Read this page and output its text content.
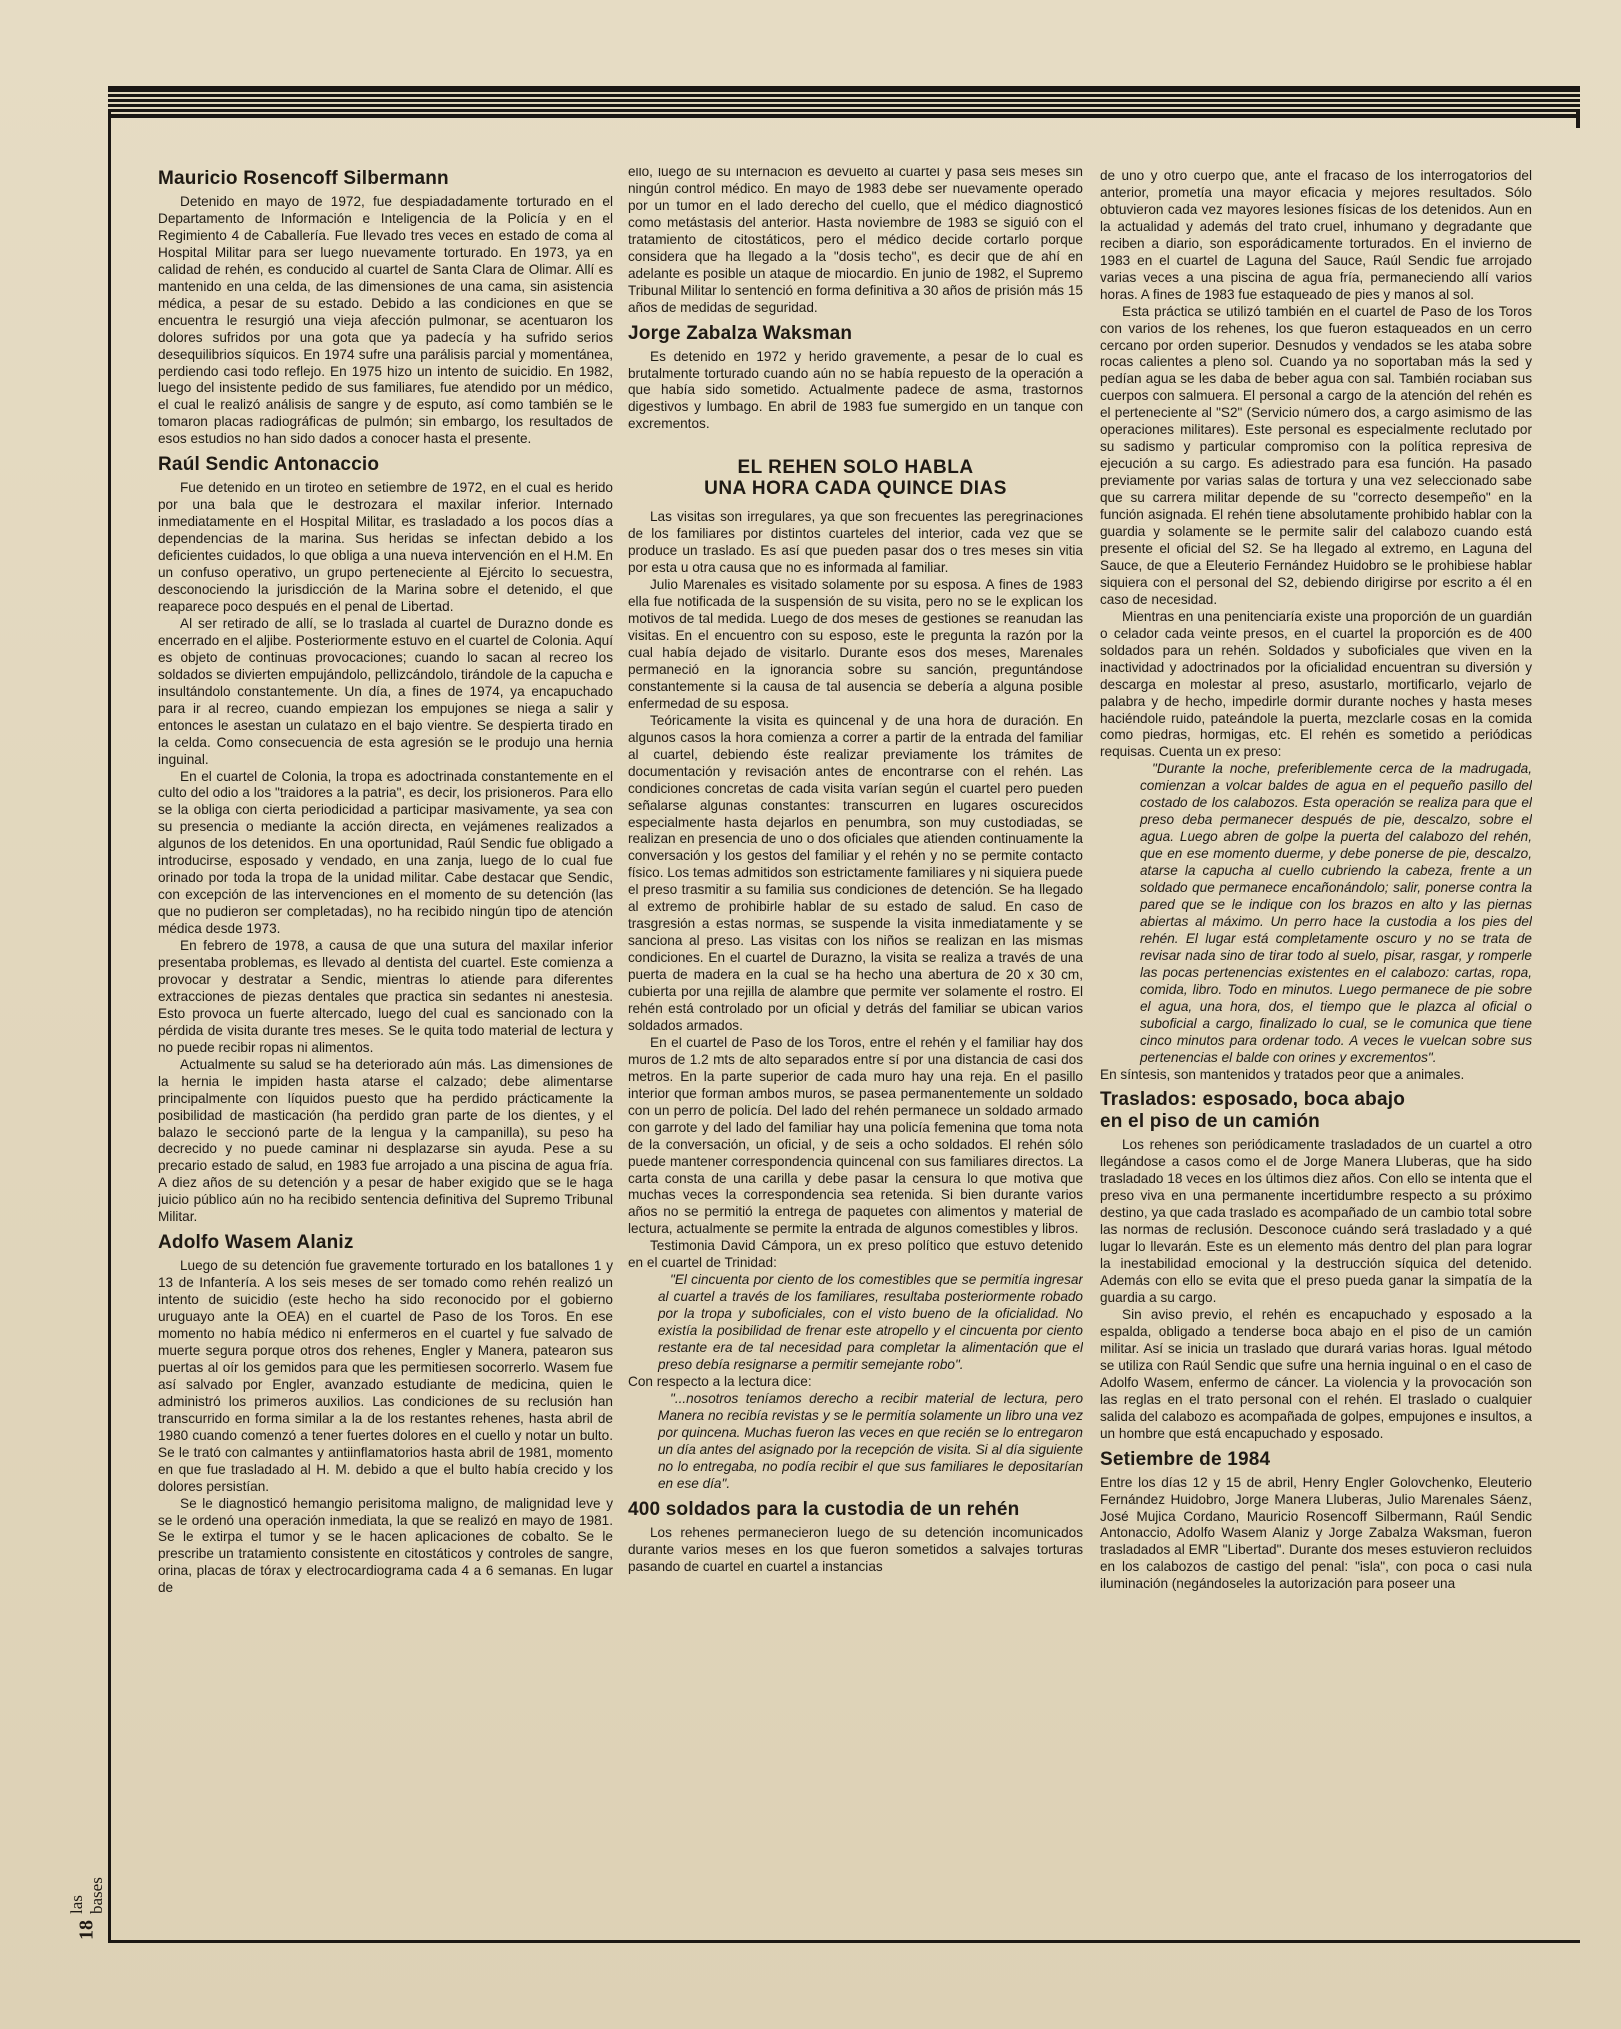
18
las bases
Mauricio Rosencoff Silbermann

Detenido en mayo de 1972, fue despiadadamente torturado en el Departamento de Información e Inteligencia de la Policía y en el Regimiento 4 de Caballería. Fue llevado tres veces en estado de coma al Hospital Militar para ser luego nuevamente torturado. En 1973, ya en calidad de rehén, es conducido al cuartel de Santa Clara de Olimar. Allí es mantenido en una celda, de las dimensiones de una cama, sin asistencia médica, a pesar de su estado. Debido a las condiciones en que se encuentra le resurgió una vieja afección pulmonar, se acentuaron los dolores sufridos por una gota que ya padecía y ha sufrido serios desequilibrios síquicos. En 1974 sufre una parálisis parcial y momentánea, perdiendo casi todo reflejo. En 1975 hizo un intento de suicidio. En 1982, luego del insistente pedido de sus familiares, fue atendido por un médico, el cual le realizó análisis de sangre y de esputo, así como también se le tomaron placas radiográficas de pulmón; sin embargo, los resultados de esos estudios no han sido dados a conocer hasta el presente.

Raúl Sendic Antonaccio

Fue detenido en un tiroteo en setiembre de 1972, en el cual es herido por una bala que le destrozara el maxilar inferior. Internado inmediatamente en el Hospital Militar, es trasladado a los pocos días a dependencias de la marina. Sus heridas se infectan debido a los deficientes cuidados, lo que obliga a una nueva intervención en el H.M. En un confuso operativo, un grupo perteneciente al Ejército lo secuestra, desconociendo la jurisdicción de la Marina sobre el detenido, el que reaparece poco después en el penal de Libertad.

Al ser retirado de allí, se lo traslada al cuartel de Durazno donde es encerrado en el aljibe. Posteriormente estuvo en el cuartel de Colonia. Aquí es objeto de continuas provocaciones; cuando lo sacan al recreo los soldados se divierten empujándolo, pellizcándolo, tirándole de la capucha e insultándolo constantemente. Un día, a fines de 1974, ya encapuchado para ir al recreo, cuando empiezan los empujones se niega a salir y entonces le asestan un culatazo en el bajo vientre. Se despierta tirado en la celda. Como consecuencia de esta agresión se le produjo una hernia inguinal.

En el cuartel de Colonia, la tropa es adoctrinada constantemente en el culto del odio a los "traidores a la patria", es decir, los prisioneros. Para ello se la obliga con cierta periodicidad a participar masivamente, ya sea con su presencia o mediante la acción directa, en vejámenes realizados a algunos de los detenidos. En una oportunidad, Raúl Sendic fue obligado a introducirse, esposado y vendado, en una zanja, luego de lo cual fue orinado por toda la tropa de la unidad militar. Cabe destacar que Sendic, con excepción de las intervenciones en el momento de su detención (las que no pudieron ser completadas), no ha recibido ningún tipo de atención médica desde 1973.

En febrero de 1978, a causa de que una sutura del maxilar inferior presentaba problemas, es llevado al dentista del cuartel. Este comienza a provocar y destratar a Sendic, mientras lo atiende para diferentes extracciones de piezas dentales que practica sin sedantes ni anestesia. Esto provoca un fuerte altercado, luego del cual es sancionado con la pérdida de visita durante tres meses. Se le quita todo material de lectura y no puede recibir ropas ni alimentos.

Actualmente su salud se ha deteriorado aún más. Las dimensiones de la hernia le impiden hasta atarse el calzado; debe alimentarse principalmente con líquidos puesto que ha perdido prácticamente la posibilidad de masticación (ha perdido gran parte de los dientes, y el balazo le seccionó parte de la lengua y la campanilla), su peso ha decrecido y no puede caminar ni desplazarse sin ayuda. Pese a su precario estado de salud, en 1983 fue arrojado a una piscina de agua fría. A diez años de su detención y a pesar de haber exigido que se le haga juicio público aún no ha recibido sentencia definitiva del Supremo Tribunal Militar.

Adolfo Wasem Alaniz

Luego de su detención fue gravemente torturado en los batallones 1 y 13 de Infantería. A los seis meses de ser tomado como rehén realizó un intento de suicidio (este hecho ha sido reconocido por el gobierno uruguayo ante la OEA) en el cuartel de Paso de los Toros. En ese momento no había médico ni enfermeros en el cuartel y fue salvado de muerte segura porque otros dos rehenes, Engler y Manera, patearon sus puertas al oír los gemidos para que les permitiesen socorrerlo. Wasem fue así salvado por Engler, avanzado estudiante de medicina, quien le administró los primeros auxilios. Las condiciones de su reclusión han transcurrido en forma similar a la de los restantes rehenes, hasta abril de 1980 cuando comenzó a tener fuertes dolores en el cuello y notar un bulto. Se le trató con calmantes y antiinflamatorios hasta abril de 1981, momento en que fue trasladado al H. M. debido a que el bulto había crecido y los dolores persistían.

Se le diagnosticó hemangio perisitoma maligno, de malignidad leve y se le ordenó una operación inmediata, la que se realizó en mayo de 1981. Se le extirpa el tumor y se le hacen aplicaciones de cobalto. Se le prescribe un tratamiento consistente en citostáticos y controles de sangre, orina, placas de tórax y electrocardiograma cada 4 a 6 semanas. En lugar de

ello, luego de su internación es devuelto al cuartel y pasa seis meses sin ningún control médico. En mayo de 1983 debe ser nuevamente operado por un tumor en el lado derecho del cuello, que el médico diagnosticó como metástasis del anterior. Hasta noviembre de 1983 se siguió con el tratamiento de citostáticos, pero el médico decide cortarlo porque considera que ha llegado a la "dosis techo", es decir que de ahí en adelante es posible un ataque de miocardio. En junio de 1982, el Supremo Tribunal Militar lo sentenció en forma definitiva a 30 años de prisión más 15 años de medidas de seguridad.

Jorge Zabalza Waksman

Es detenido en 1972 y herido gravemente, a pesar de lo cual es brutalmente torturado cuando aún no se había repuesto de la operación a que había sido sometido. Actualmente padece de asma, trastornos digestivos y lumbago. En abril de 1983 fue sumergido en un tanque con excrementos.

EL REHEN SOLO HABLA
UNA HORA CADA QUINCE DIAS

Las visitas son irregulares, ya que son frecuentes las peregrinaciones de los familiares por distintos cuarteles del interior, cada vez que se produce un traslado. Es así que pueden pasar dos o tres meses sin vitia por esta u otra causa que no es informada al familiar.

Julio Marenales es visitado solamente por su esposa. A fines de 1983 ella fue notificada de la suspensión de su visita, pero no se le explican los motivos de tal medida. Luego de dos meses de gestiones se reanudan las visitas. En el encuentro con su esposo, este le pregunta la razón por la cual había dejado de visitarlo. Durante esos dos meses, Marenales permaneció en la ignorancia sobre su sanción, preguntándose constantemente si la causa de tal ausencia se debería a alguna posible enfermedad de su esposa.

Teóricamente la visita es quincenal y de una hora de duración. En algunos casos la hora comienza a correr a partir de la entrada del familiar al cuartel, debiendo éste realizar previamente los trámites de documentación y revisación antes de encontrarse con el rehén. Las condiciones concretas de cada visita varían según el cuartel pero pueden señalarse algunas constantes: transcurren en lugares oscurecidos especialmente hasta dejarlos en penumbra, son muy custodiadas, se realizan en presencia de uno o dos oficiales que atienden continuamente la conversación y los gestos del familiar y el rehén y no se permite contacto físico. Los temas admitidos son estrictamente familiares y ni siquiera puede el preso trasmitir a su familia sus condiciones de detención. Se ha llegado al extremo de prohibirle hablar de su estado de salud. En caso de trasgresión a estas normas, se suspende la visita inmediatamente y se sanciona al preso. Las visitas con los niños se realizan en las mismas condiciones. En el cuartel de Durazno, la visita se realiza a través de una puerta de madera en la cual se ha hecho una abertura de 20 x 30 cm, cubierta por una rejilla de alambre que permite ver solamente el rostro. El rehén está controlado por un oficial y detrás del familiar se ubican varios soldados armados.

En el cuartel de Paso de los Toros, entre el rehén y el familiar hay dos muros de 1.2 mts de alto separados entre sí por una distancia de casi dos metros. En la parte superior de cada muro hay una reja. En el pasillo interior que forman ambos muros, se pasea permanentemente un soldado con un perro de policía. Del lado del rehén permanece un soldado armado con garrote y del lado del familiar hay una policía femenina que toma nota de la conversación, un oficial, y de seis a ocho soldados. El rehén sólo puede mantener correspondencia quincenal con sus familiares directos. La carta consta de una carilla y debe pasar la censura lo que motiva que muchas veces la correspondencia sea retenida. Si bien durante varios años no se permitió la entrega de paquetes con alimentos y material de lectura, actualmente se permite la entrada de algunos comestibles y libros.

Testimonia David Cámpora, un ex preso político que estuvo detenido en el cuartel de Trinidad:

"El cincuenta por ciento de los comestibles que se permitía ingresar al cuartel a través de los familiares, resultaba posteriormente robado por la tropa y suboficiales, con el visto bueno de la oficialidad. No existía la posibilidad de frenar este atropello y el cincuenta por ciento restante era de tal necesidad para completar la alimentación que el preso debía resignarse a permitir semejante robo".

Con respecto a la lectura dice:

"...nosotros teníamos derecho a recibir material de lectura, pero Manera no recibía revistas y se le permitía solamente un libro una vez por quincena. Muchas fueron las veces en que recién se lo entregaron un día antes del asignado por la recepción de visita. Si al día siguiente no lo entregaba, no podía recibir el que sus familiares le depositarían en ese día".

400 soldados para la custodia de un rehén

Los rehenes permanecieron luego de su detención incomunicados durante varios meses en los que fueron sometidos a salvajes torturas pasando de cuartel en cuartel a instancias

de uno y otro cuerpo que, ante el fracaso de los interrogatorios del anterior, prometía una mayor eficacia y mejores resultados. Sólo obtuvieron cada vez mayores lesiones físicas de los detenidos. Aun en la actualidad y además del trato cruel, inhumano y degradante que reciben a diario, son esporádicamente torturados. En el invierno de 1983 en el cuartel de Laguna del Sauce, Raúl Sendic fue arrojado varias veces a una piscina de agua fría, permaneciendo allí varios horas. A fines de 1983 fue estaqueado de pies y manos al sol.

Esta práctica se utilizó también en el cuartel de Paso de los Toros con varios de los rehenes, los que fueron estaqueados en un cerro cercano por orden superior. Desnudos y vendados se les ataba sobre rocas calientes a pleno sol. Cuando ya no soportaban más la sed y pedían agua se les daba de beber agua con sal. También rociaban sus cuerpos con salmuera. El personal a cargo de la atención del rehén es el perteneciente al "S2" (Servicio número dos, a cargo asimismo de las operaciones militares). Este personal es especialmente reclutado por su sadismo y particular compromiso con la política represiva de ejecución a su cargo. Es adiestrado para esa función. Ha pasado previamente por varias salas de tortura y una vez seleccionado sabe que su carrera militar depende de su "correcto desempeño" en la función asignada. El rehén tiene absolutamente prohibido hablar con la guardia y solamente se le permite salir del calabozo cuando está presente el oficial del S2. Se ha llegado al extremo, en Laguna del Sauce, de que a Eleuterio Fernández Huidobro se le prohibiese hablar siquiera con el personal del S2, debiendo dirigirse por escrito a él en caso de necesidad.

Mientras en una penitenciaría existe una proporción de un guardián o celador cada veinte presos, en el cuartel la proporción es de 400 soldados para un rehén. Soldados y suboficiales que viven en la inactividad y adoctrinados por la oficialidad encuentran su diversión y descarga en molestar al preso, asustarlo, mortificarlo, vejarlo de palabra y de hecho, impedirle dormir durante noches y hasta meses haciéndole ruido, pateándole la puerta, mezclarle cosas en la comida como piedras, hormigas, etc. El rehén es sometido a periódicas requisas. Cuenta un ex preso:

"Durante la noche, preferiblemente cerca de la madrugada, comienzan a volcar baldes de agua en el pequeño pasillo del costado de los calabozos. Esta operación se realiza para que el preso deba permanecer después de pie, descalzo, sobre el agua. Luego abren de golpe la puerta del calabozo del rehén, que en ese momento duerme, y debe ponerse de pie, descalzo, atarse la capucha al cuello cubriendo la cabeza, frente a un soldado que permanece encañonándolo; salir, ponerse contra la pared que se le indique con los brazos en alto y las piernas abiertas al máximo. Un perro hace la custodia a los pies del rehén. El lugar está completamente oscuro y no se trata de revisar nada sino de tirar todo al suelo, pisar, rasgar, y romperle las pocas pertenencias existentes en el calabozo: cartas, ropa, comida, libro. Todo en minutos. Luego permanece de pie sobre el agua, una hora, dos, el tiempo que le plazca al oficial o suboficial a cargo, finalizado lo cual, se le comunica que tiene cinco minutos para ordenar todo. A veces le vuelcan sobre sus pertenencias el balde con orines y excrementos".

En síntesis, son mantenidos y tratados peor que a animales.

Traslados: esposado, boca abajo
en el piso de un camión

Los rehenes son periódicamente trasladados de un cuartel a otro llegándose a casos como el de Jorge Manera Lluberas, que ha sido trasladado 18 veces en los últimos diez años. Con ello se intenta que el preso viva en una permanente incertidumbre respecto a su próximo destino, ya que cada traslado es acompañado de un cambio total sobre las normas de reclusión. Desconoce cuándo será trasladado y a qué lugar lo llevarán. Este es un elemento más dentro del plan para lograr la inestabilidad emocional y la destrucción síquica del detenido. Además con ello se evita que el preso pueda ganar la simpatía de la guardia a su cargo.

Sin aviso previo, el rehén es encapuchado y esposado a la espalda, obligado a tenderse boca abajo en el piso de un camión militar. Así se inicia un traslado que durará varias horas. Igual método se utiliza con Raúl Sendic que sufre una hernia inguinal o en el caso de Adolfo Wasem, enfermo de cáncer. La violencia y la provocación son las reglas en el trato personal con el rehén. El traslado o cualquier salida del calabozo es acompañada de golpes, empujones e insultos, a un hombre que está encapuchado y esposado.

Setiembre de 1984

Entre los días 12 y 15 de abril, Henry Engler Golovchenko, Eleuterio Fernández Huidobro, Jorge Manera Lluberas, Julio Marenales Sáenz, José Mujica Cordano, Mauricio Rosencoff Silbermann, Raúl Sendic Antonaccio, Adolfo Wasem Alaniz y Jorge Zabalza Waksman, fueron trasladados al EMR "Libertad". Durante dos meses estuvieron recluidos en los calabozos de castigo del penal: "isla", con poca o casi nula iluminación (negándoseles la autorización para poseer una
